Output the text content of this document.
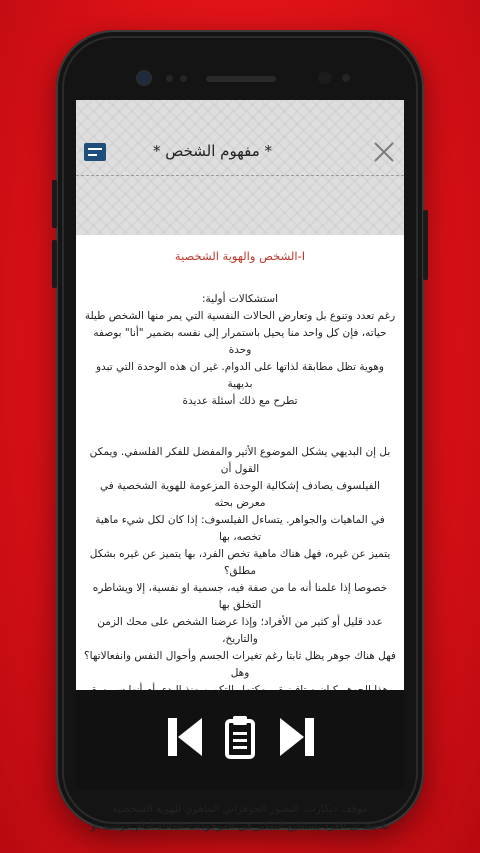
* مفهوم الشخص *
I-الشخص والهوية الشخصية
استشكالات أولية:
رغم تعدد وتنوع بل وتعارض الحالات النفسية التي يمر منها الشخص طيلة
حياته، فإن كل واحد منا يحيل باستمرار إلى نفسه بضمير "أنا" بوصفه وحدة
وهوية تظل مطابقة لذاتها على الدوام. غير ان هذه الوحدة التي تبدو بديهية
تطرح مع ذلك أسئلة عديدة
بل إن البديهي يشكل الموضوع الأثير والمفضل للفكر الفلسفي. ويمكن القول أن
الفيلسوف يصادف إشكالية الوحدة المزعومة للهوية الشخصية في معرض بحثه
في الماهيات والجواهر. يتساءل الفيلسوف: إذا كان لكل شيء ماهية تخصه، بها
يتميز عن غيره، فهل هناك ماهية تخص الفرد، بها يتميز عن غيره بشكل مطلق؟
خصوصا إذا علمنا أنه ما من صفة فيه، جسمية او نفسية، إلا ويشاطره التخلق بها
عدد قليل أو كثير من الأفراد؛ وإذا عرضنا الشخص على محك الزمن والتاريخ،
فهل هناك جوهر يظل ثابتا رغم تغيرات الجسم وأحوال النفس وانفعالاتها؟ وهل
موقف ديكارت: التصور الجوهراني الماهوي للهوية الشخصية
نلاحظ أن الفرد يستطيع التفكير في الموجودات الماثلة أمام حواسه أو
